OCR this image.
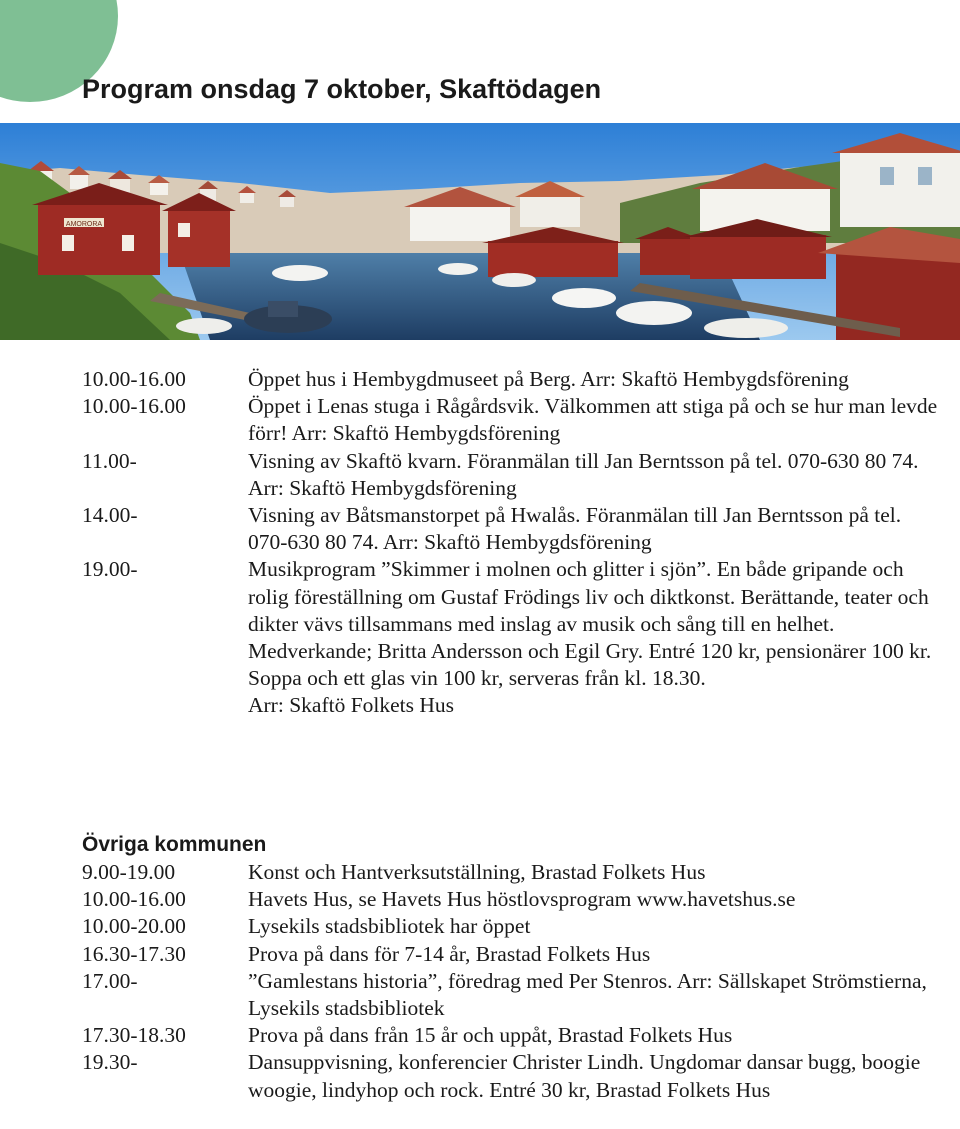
Program onsdag 7 oktober, Skaftödagen
AMORORA
10.00-16.00	Öppet hus i Hembygdmuseet på Berg. Arr: Skaftö Hembygdsförening
10.00-16.00	Öppet i Lenas stuga i Rågårdsvik. Välkommen att stiga på och se hur man levde förr! Arr: Skaftö Hembygdsförening
11.00-	Visning av Skaftö kvarn. Föranmälan till Jan Berntsson på tel. 070-630 80 74. Arr: Skaftö Hembygdsförening
14.00-	Visning av Båtsmanstorpet på Hwalås. Föranmälan till Jan Berntsson på tel. 070-630 80 74. Arr: Skaftö Hembygdsförening
19.00-	Musikprogram ”Skimmer i molnen och glitter i sjön”. En både gripande och rolig föreställning om Gustaf Frödings liv och diktkonst. Berättande, teater och dikter vävs tillsammans med inslag av musik och sång till en helhet. Medverkande; Britta Andersson och Egil Gry. Entré 120 kr, pensionärer 100 kr. Soppa och ett glas vin 100 kr, serveras från kl. 18.30.
Arr: Skaftö Folkets Hus
Övriga kommunen
9.00-19.00	Konst och Hantverksutställning, Brastad Folkets Hus
10.00-16.00	Havets Hus, se Havets Hus höstlovsprogram www.havetshus.se
10.00-20.00	Lysekils stadsbibliotek har öppet
16.30-17.30	Prova på dans för 7-14 år, Brastad Folkets Hus
17.00-	”Gamlestans historia”, föredrag med Per Stenros. Arr: Sällskapet Strömstierna, Lysekils stadsbibliotek
17.30-18.30	Prova på dans från 15 år och uppåt, Brastad Folkets Hus
19.30-	Dansuppvisning, konferencier Christer Lindh. Ungdomar dansar bugg, boogie woogie, lindyhop och rock. Entré 30 kr, Brastad Folkets Hus
